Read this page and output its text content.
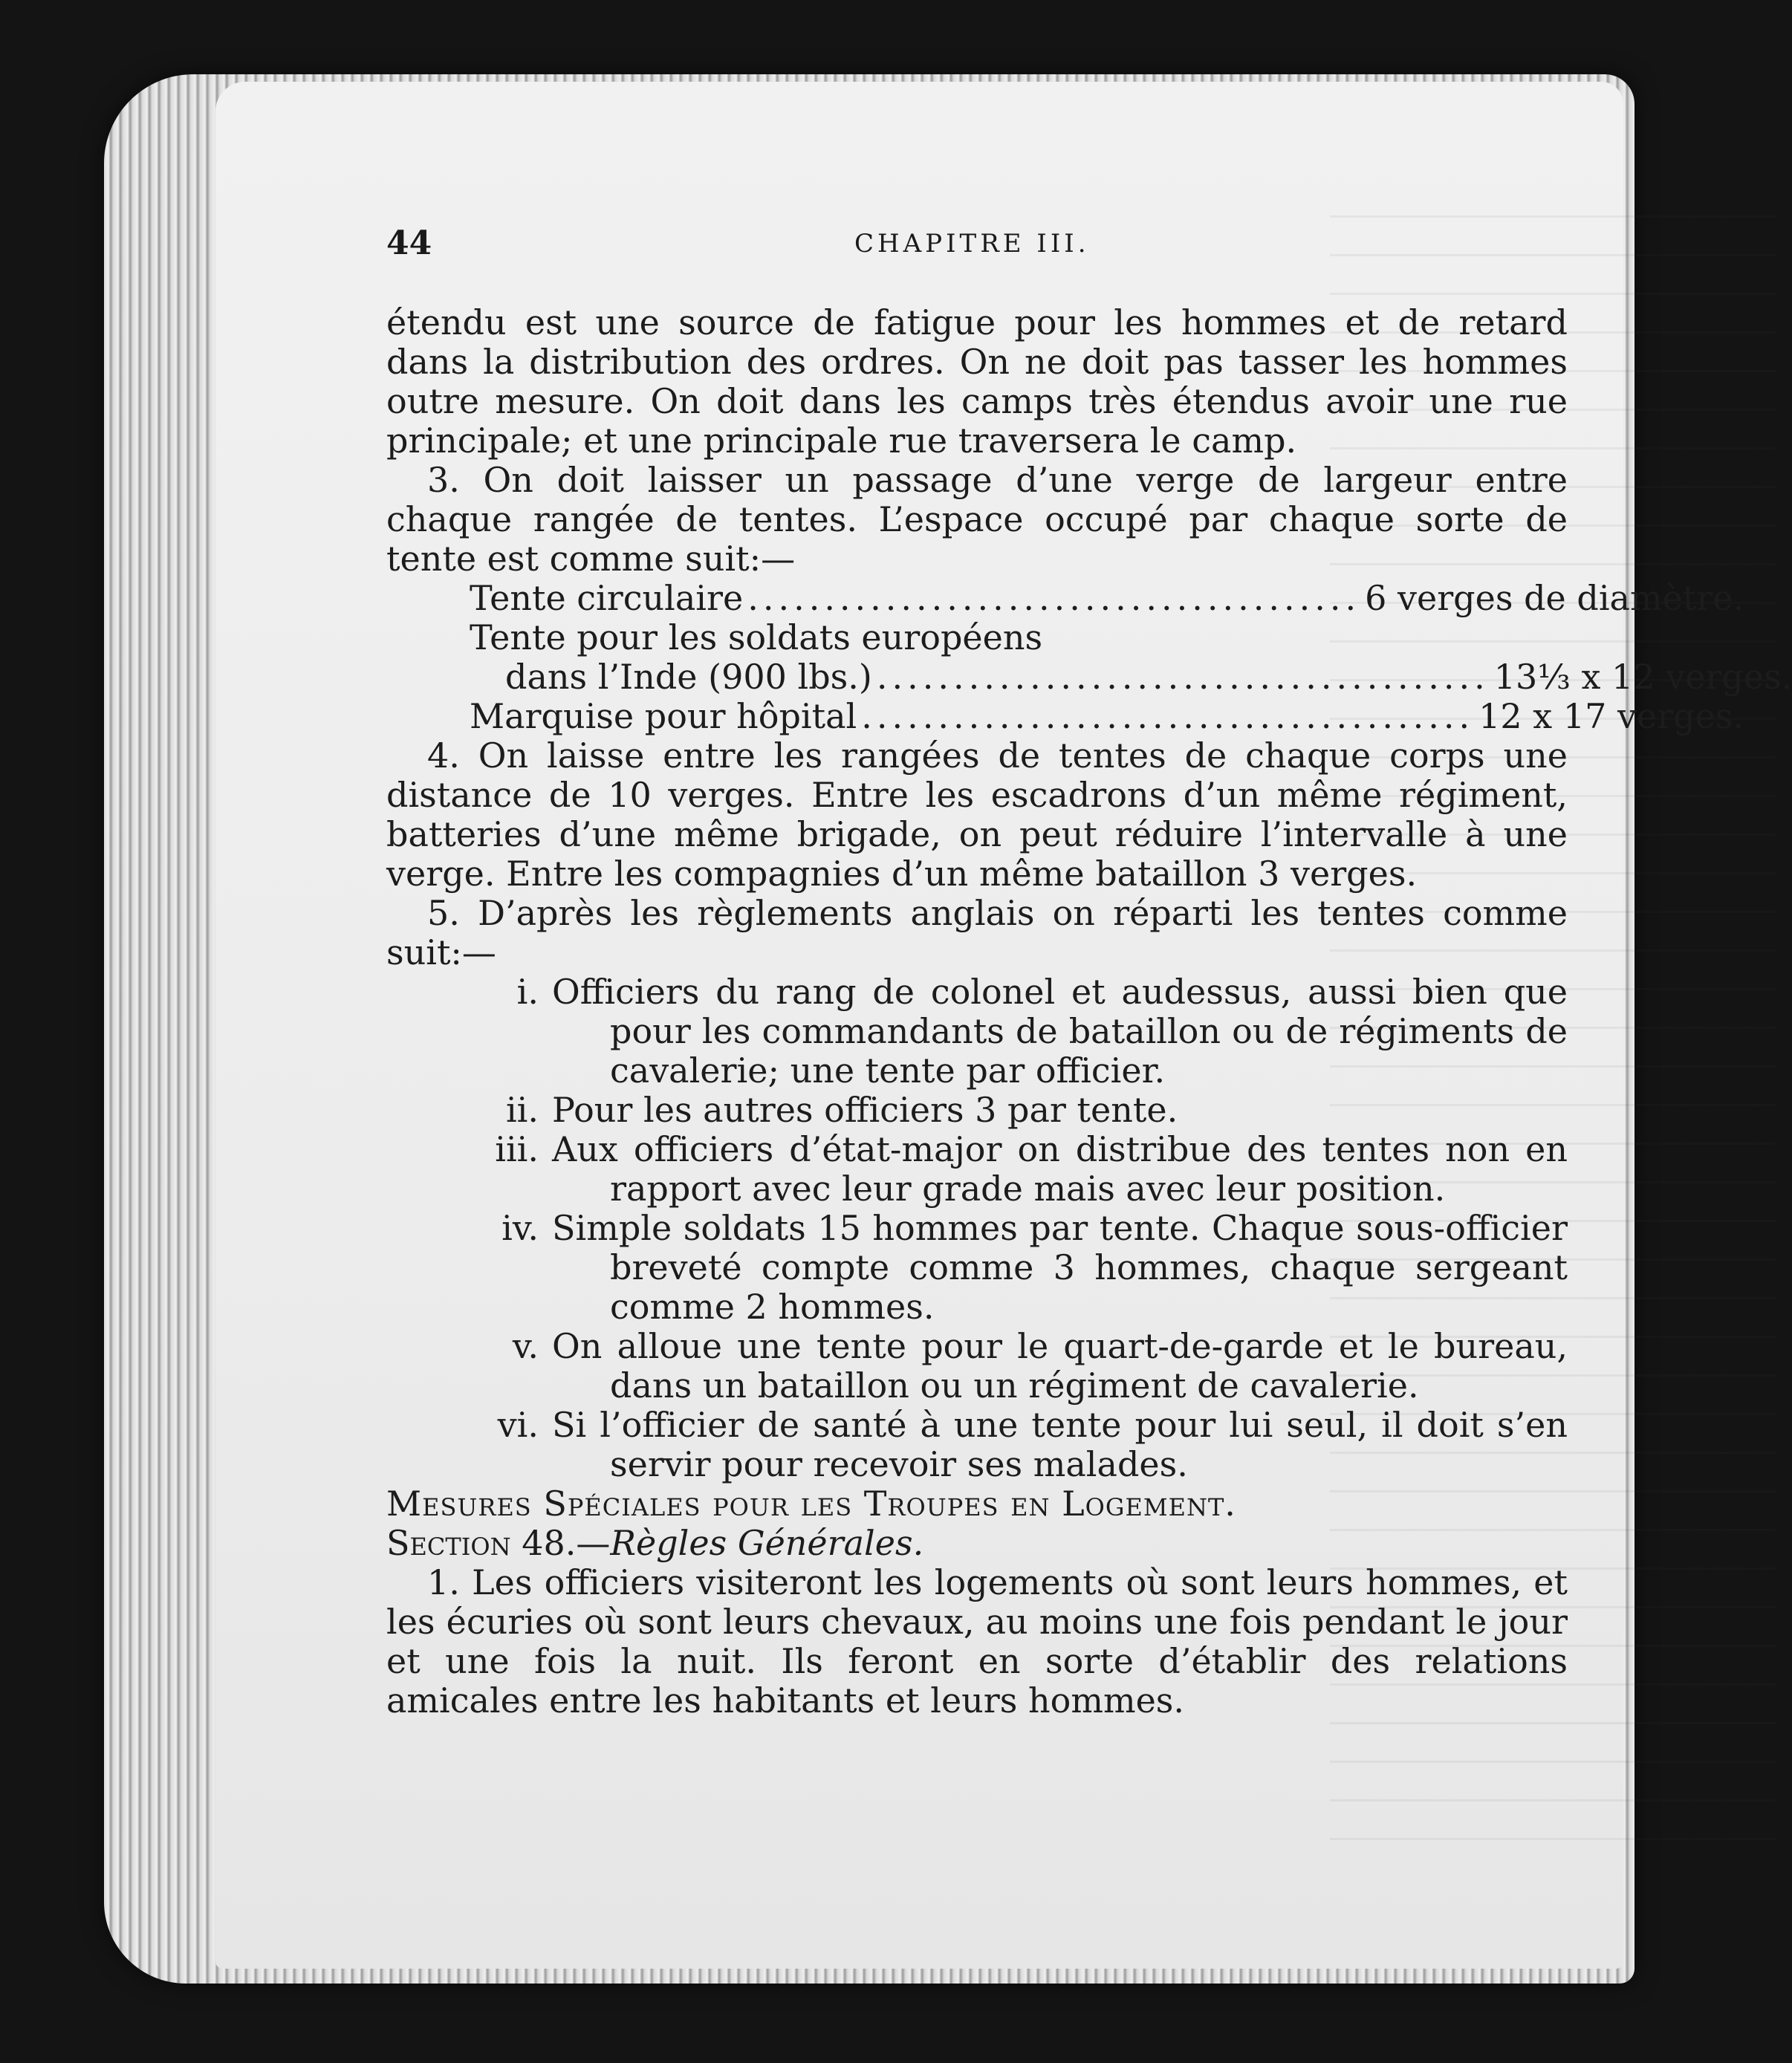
44	CHAPITRE III.

étendu est une source de fatigue pour les hommes et de retard dans la distribution des ordres. On ne doit pas tasser les hommes outre mesure. On doit dans les camps très étendus avoir une rue principale; et une principale rue traversera le camp.

3. On doit laisser un passage d’une verge de largeur entre chaque rangée de tentes. L’espace occupé par chaque sorte de tente est comme suit:—

Tente circulaire ........................................ 6 verges de diamètre.
Tente pour les soldats européens
dans l’Inde (900 lbs.) ........................................ 13⅓ x 12 verges.
Marquise pour hôpital ........................................ 12 x 17 verges.

4. On laisse entre les rangées de tentes de chaque corps une distance de 10 verges. Entre les escadrons d’un même régiment, batteries d’une même brigade, on peut réduire l’intervalle à une verge. Entre les compagnies d’un même bataillon 3 verges.

5. D’après les règlements anglais on réparti les tentes comme suit:—

i. Officiers du rang de colonel et audessus, aussi bien que pour les commandants de bataillon ou de régiments de cavalerie; une tente par officier.
ii. Pour les autres officiers 3 par tente.
iii. Aux officiers d’état-major on distribue des tentes non en rapport avec leur grade mais avec leur position.
iv. Simple soldats 15 hommes par tente. Chaque sous-officier breveté compte comme 3 hommes, chaque sergeant comme 2 hommes.
v. On alloue une tente pour le quart-de-garde et le bureau, dans un bataillon ou un régiment de cavalerie.
vi. Si l’officier de santé à une tente pour lui seul, il doit s’en servir pour recevoir ses malades.

Mesures Spéciales pour les Troupes en Logement.

Section 48.—Règles Générales.

1. Les officiers visiteront les logements où sont leurs hommes, et les écuries où sont leurs chevaux, au moins une fois pendant le jour et une fois la nuit. Ils feront en sorte d’établir des relations amicales entre les habitants et leurs hommes.
